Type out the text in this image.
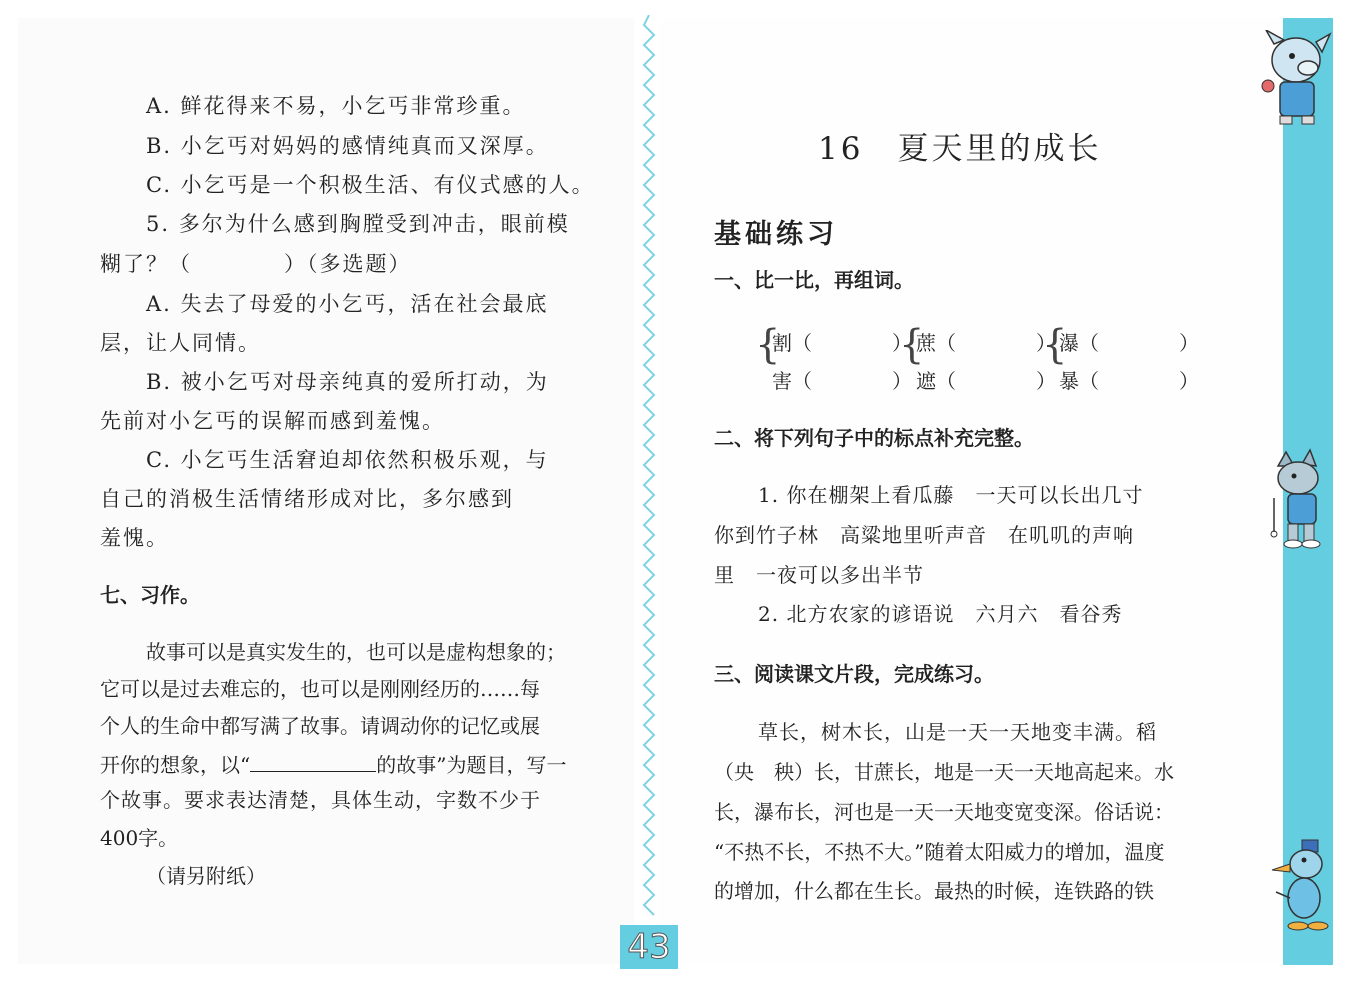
A. 鲜花得来不易，小乞丐非常珍重。
B. 小乞丐对妈妈的感情纯真而又深厚。
C. 小乞丐是一个积极生活、有仪式感的人。
5. 多尔为什么感到胸膛受到冲击，眼前模
糊了？（　　　　）（多选题）
A. 失去了母爱的小乞丐，活在社会最底
层，让人同情。
B. 被小乞丐对母亲纯真的爱所打动，为
先前对小乞丐的误解而感到羞愧。
C. 小乞丐生活窘迫却依然积极乐观，与
自己的消极生活情绪形成对比，多尔感到
羞愧。
七、习作。
故事可以是真实发生的，也可以是虚构想象的；
它可以是过去难忘的，也可以是刚刚经历的……每
个人的生命中都写满了故事。请调动你的记忆或展
开你的想象，以“	的故事”为题目，写一
个故事。要求表达清楚，具体生动，字数不少于
400字。
（请另附纸）
16　夏天里的成长
基础练习
一、比一比，再组词。
{
割（　　　　）
害（　　　　）
{
蔗（　　　　）
遮（　　　　）
{
瀑（　　　　）
暴（　　　　）
二、将下列句子中的标点补充完整。
1. 你在棚架上看瓜藤　一天可以长出几寸
你到竹子林　高粱地里听声音　在叽叽的声响
里　一夜可以多出半节
2. 北方农家的谚语说　六月六　看谷秀
三、阅读课文片段，完成练习。
草长，树木长，山是一天一天地变丰满。稻
（央　秧）长，甘蔗长，地是一天一天地高起来。水
长，瀑布长，河也是一天一天地变宽变深。俗话说：
“不热不长，不热不大。”随着太阳威力的增加，温度
的增加，什么都在生长。最热的时候，连铁路的铁
43
